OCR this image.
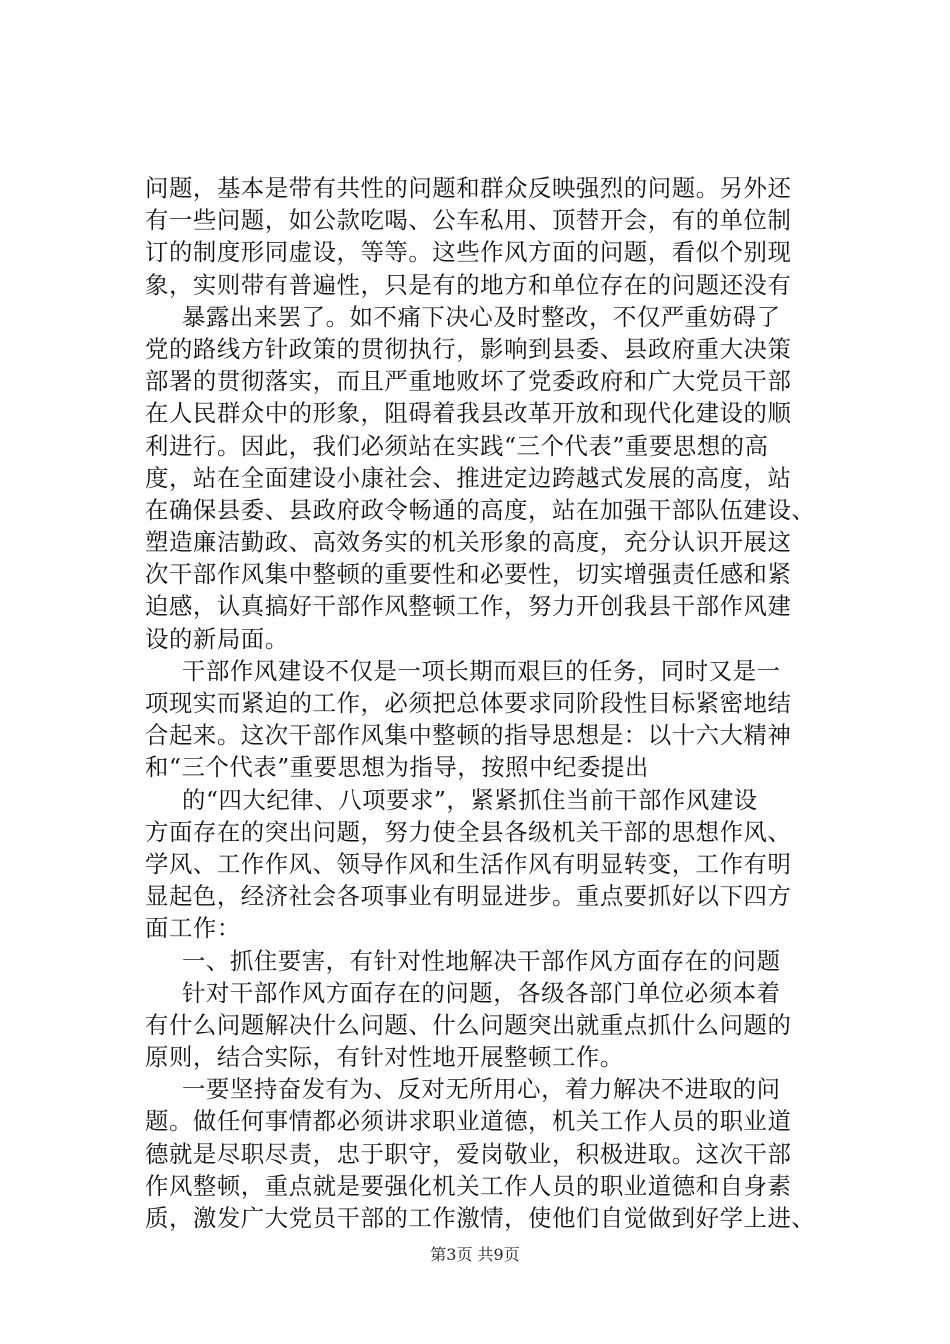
问题，基本是带有共性的问题和群众反映强烈的问题。另外还
有一些问题，如公款吃喝、公车私用、顶替开会，有的单位制
订的制度形同虚设，等等。这些作风方面的问题，看似个别现
象，实则带有普遍性，只是有的地方和单位存在的问题还没有
暴露出来罢了。如不痛下决心及时整改，不仅严重妨碍了
党的路线方针政策的贯彻执行，影响到县委、县政府重大决策
部署的贯彻落实，而且严重地败坏了党委政府和广大党员干部
在人民群众中的形象，阻碍着我县改革开放和现代化建设的顺
利进行。因此，我们必须站在实践“三个代表”重要思想的高
度，站在全面建设小康社会、推进定边跨越式发展的高度，站
在确保县委、县政府政令畅通的高度，站在加强干部队伍建设、
塑造廉洁勤政、高效务实的机关形象的高度，充分认识开展这
次干部作风集中整顿的重要性和必要性，切实增强责任感和紧
迫感，认真搞好干部作风整顿工作，努力开创我县干部作风建
设的新局面。
干部作风建设不仅是一项长期而艰巨的任务，同时又是一
项现实而紧迫的工作，必须把总体要求同阶段性目标紧密地结
合起来。这次干部作风集中整顿的指导思想是：以十六大精神
和“三个代表”重要思想为指导，按照中纪委提出
的“四大纪律、八项要求”，紧紧抓住当前干部作风建设
方面存在的突出问题，努力使全县各级机关干部的思想作风、
学风、工作作风、领导作风和生活作风有明显转变，工作有明
显起色，经济社会各项事业有明显进步。重点要抓好以下四方
面工作：
一、抓住要害，有针对性地解决干部作风方面存在的问题
针对干部作风方面存在的问题，各级各部门单位必须本着
有什么问题解决什么问题、什么问题突出就重点抓什么问题的
原则，结合实际，有针对性地开展整顿工作。
一要坚持奋发有为、反对无所用心，着力解决不进取的问
题。做任何事情都必须讲求职业道德，机关工作人员的职业道
德就是尽职尽责，忠于职守，爱岗敬业，积极进取。这次干部
作风整顿，重点就是要强化机关工作人员的职业道德和自身素
质，激发广大党员干部的工作激情，使他们自觉做到好学上进、
第3页 共9页
